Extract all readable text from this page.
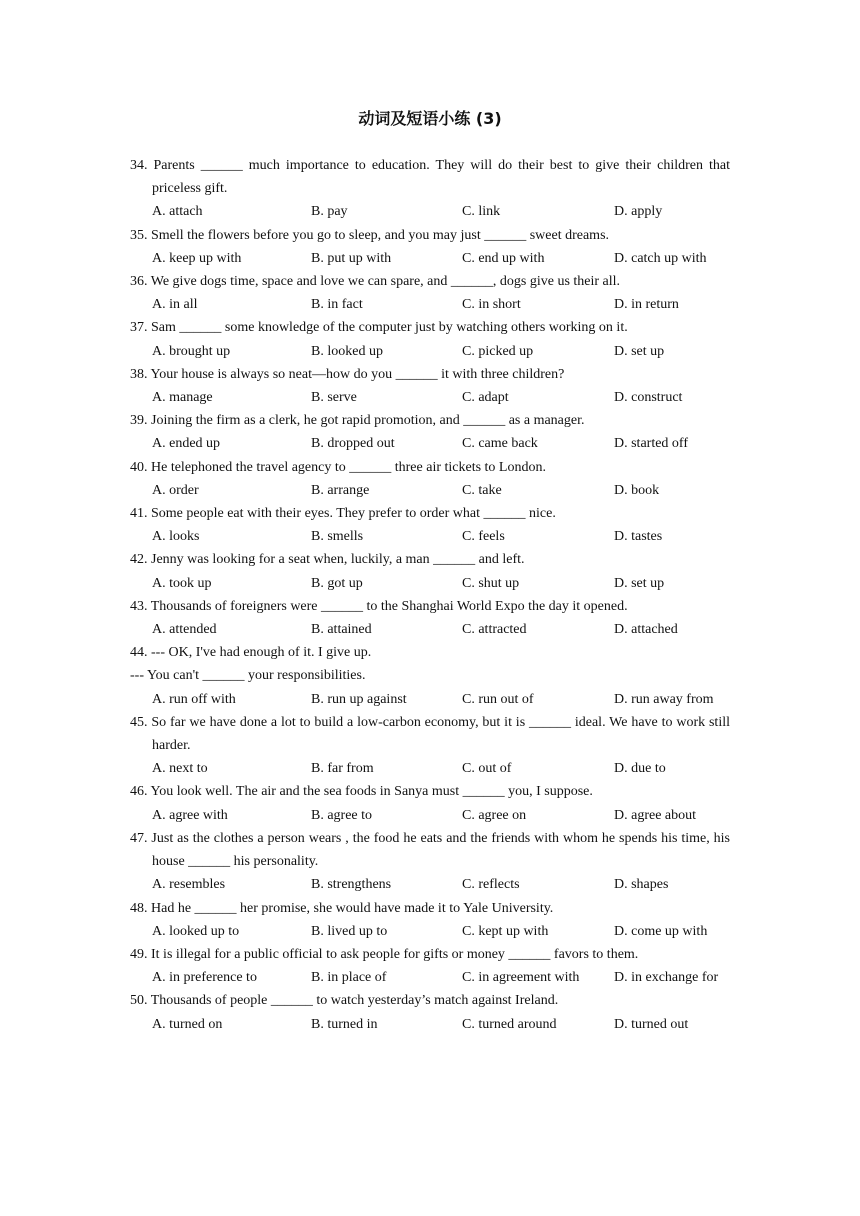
动词及短语小练 (3)
34. Parents ______ much importance to education. They will do their best to give their children that priceless gift.
A. attach	B. pay	C. link	D. apply
35. Smell the flowers before you go to sleep, and you may just ______ sweet dreams.
A. keep up with	B. put up with	C. end up with	D. catch up with
36. We give dogs time, space and love we can spare, and ______, dogs give us their all.
A. in all	B. in fact	C. in short	D. in return
37. Sam ______ some knowledge of the computer just by watching others working on it.
A. brought up	B. looked up	C. picked up	D. set up
38. Your house is always so neat—how do you ______ it with three children?
A. manage	B. serve	C. adapt	D. construct
39. Joining the firm as a clerk, he got rapid promotion, and ______ as a manager.
A. ended up	B. dropped out	C. came back	D. started off
40. He telephoned the travel agency to ______ three air tickets to London.
A. order	B. arrange	C. take	D. book
41. Some people eat with their eyes. They prefer to order what ______ nice.
A. looks	B. smells	C. feels	D. tastes
42. Jenny was looking for a seat when, luckily, a man ______ and left.
A. took up	B. got up	C. shut up	D. set up
43. Thousands of foreigners were ______ to the Shanghai World Expo the day it opened.
A. attended	B. attained	C. attracted	D. attached
44. --- OK, I've had enough of it. I give up.
--- You can't ______ your responsibilities.
A. run off with	B. run up against	C. run out of	D. run away from
45. So far we have done a lot to build a low-carbon economy, but it is ______ ideal. We have to work still harder.
A. next to	B. far from	C. out of	D. due to
46. You look well. The air and the sea foods in Sanya must ______ you, I suppose.
A. agree with	B. agree to	C. agree on	D. agree about
47. Just as the clothes a person wears , the food he eats and the friends with whom he spends his time, his house ______ his personality.
A. resembles	B. strengthens	C. reflects	D. shapes
48. Had he ______ her promise, she would have made it to Yale University.
A. looked up to	B. lived up to	C. kept up with	D. come up with
49. It is illegal for a public official to ask people for gifts or money ______ favors to them.
A. in preference to	B. in place of	C. in agreement with	D. in exchange for
50. Thousands of people ______ to watch yesterday’s match against Ireland.
A. turned on	B. turned in	C. turned around	D. turned out
